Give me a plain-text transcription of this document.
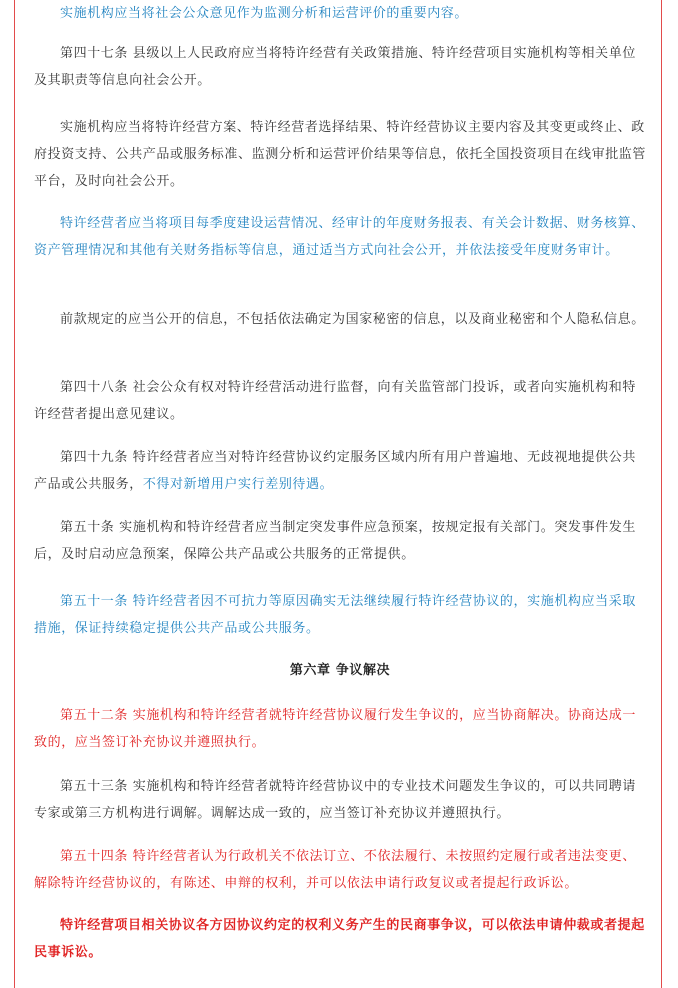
实施机构应当将社会公众意见作为监测分析和运营评价的重要内容。

第四十七条 县级以上人民政府应当将特许经营有关政策措施、特许经营项目实施机构等相关单位及其职责等信息向社会公开。

实施机构应当将特许经营方案、特许经营者选择结果、特许经营协议主要内容及其变更或终止、政府投资支持、公共产品或服务标准、监测分析和运营评价结果等信息，依托全国投资项目在线审批监管平台，及时向社会公开。

特许经营者应当将项目每季度建设运营情况、经审计的年度财务报表、有关会计数据、财务核算、资产管理情况和其他有关财务指标等信息，通过适当方式向社会公开，并依法接受年度财务审计。

前款规定的应当公开的信息，不包括依法确定为国家秘密的信息，以及商业秘密和个人隐私信息。

第四十八条 社会公众有权对特许经营活动进行监督，向有关监管部门投诉，或者向实施机构和特许经营者提出意见建议。

第四十九条 特许经营者应当对特许经营协议约定服务区域内所有用户普遍地、无歧视地提供公共产品或公共服务，不得对新增用户实行差别待遇。

第五十条 实施机构和特许经营者应当制定突发事件应急预案，按规定报有关部门。突发事件发生后，及时启动应急预案，保障公共产品或公共服务的正常提供。

第五十一条 特许经营者因不可抗力等原因确实无法继续履行特许经营协议的，实施机构应当采取措施，保证持续稳定提供公共产品或公共服务。

第六章 争议解决

第五十二条 实施机构和特许经营者就特许经营协议履行发生争议的，应当协商解决。协商达成一致的，应当签订补充协议并遵照执行。

第五十三条 实施机构和特许经营者就特许经营协议中的专业技术问题发生争议的，可以共同聘请专家或第三方机构进行调解。调解达成一致的，应当签订补充协议并遵照执行。

第五十四条 特许经营者认为行政机关不依法订立、不依法履行、未按照约定履行或者违法变更、解除特许经营协议的，有陈述、申辩的权利，并可以依法申请行政复议或者提起行政诉讼。

特许经营项目相关协议各方因协议约定的权利义务产生的民商事争议，可以依法申请仲裁或者提起民事诉讼。
